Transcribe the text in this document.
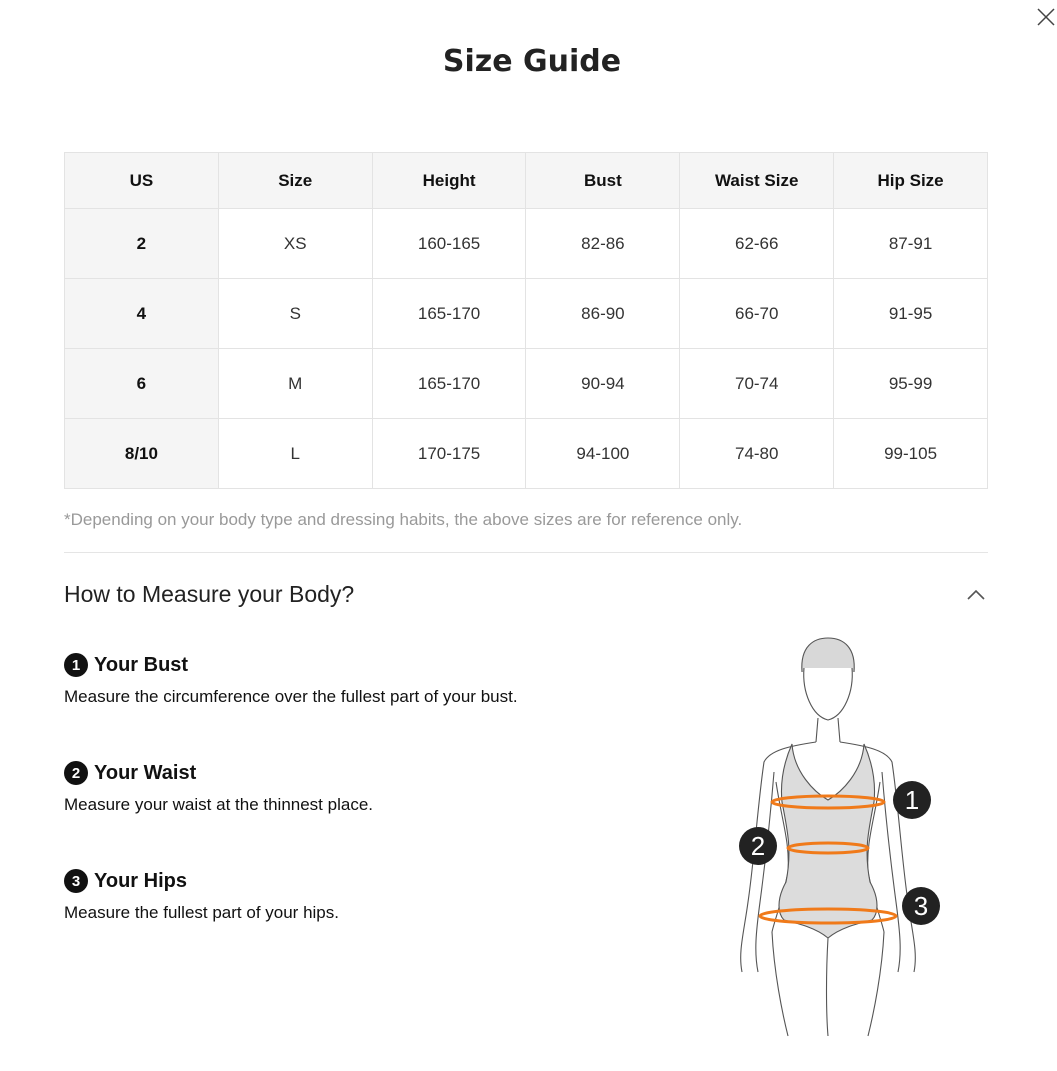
Size Guide
US	Size	Height	Bust	Waist Size	Hip Size
2	XS	160-165	82-86	62-66	87-91
4	S	165-170	86-90	66-70	91-95
6	M	165-170	90-94	70-74	95-99
8/10	L	170-175	94-100	74-80	99-105

*Depending on your body type and dressing habits, the above sizes are for reference only.

How to Measure your Body?
1 Your Bust
Measure the circumference over the fullest part of your bust.
2 Your Waist
Measure your waist at the thinnest place.
3 Your Hips
Measure the fullest part of your hips.
1
2
3
